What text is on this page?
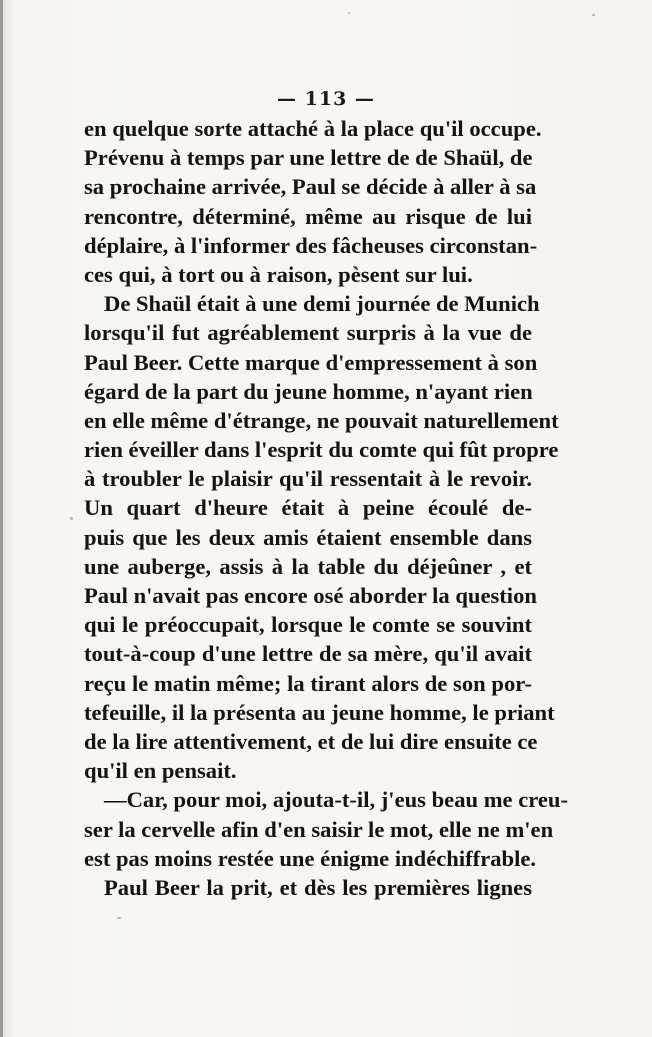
— 113 —
en quelque sorte attaché à la place qu'il occupe.
Prévenu à temps par une lettre de de Shaül, de
sa prochaine arrivée, Paul se décide à aller à sa
rencontre, déterminé, même au risque de lui
déplaire, à l'informer des fâcheuses circonstan-
ces qui, à tort ou à raison, pèsent sur lui.
De Shaül était à une demi journée de Munich
lorsqu'il fut agréablement surpris à la vue de
Paul Beer. Cette marque d'empressement à son
égard de la part du jeune homme, n'ayant rien
en elle même d'étrange, ne pouvait naturellement
rien éveiller dans l'esprit du comte qui fût propre
à troubler le plaisir qu'il ressentait à le revoir.
Un quart d'heure était à peine écoulé de-
puis que les deux amis étaient ensemble dans
une auberge, assis à la table du déjeûner , et
Paul n'avait pas encore osé aborder la question
qui le préoccupait, lorsque le comte se souvint
tout-à-coup d'une lettre de sa mère, qu'il avait
reçu le matin même; la tirant alors de son por-
tefeuille, il la présenta au jeune homme, le priant
de la lire attentivement, et de lui dire ensuite ce
qu'il en pensait.
—Car, pour moi, ajouta-t-il, j'eus beau me creu-
ser la cervelle afin d'en saisir le mot, elle ne m'en
est pas moins restée une énigme indéchiffrable.
Paul Beer la prit, et dès les premières lignes
